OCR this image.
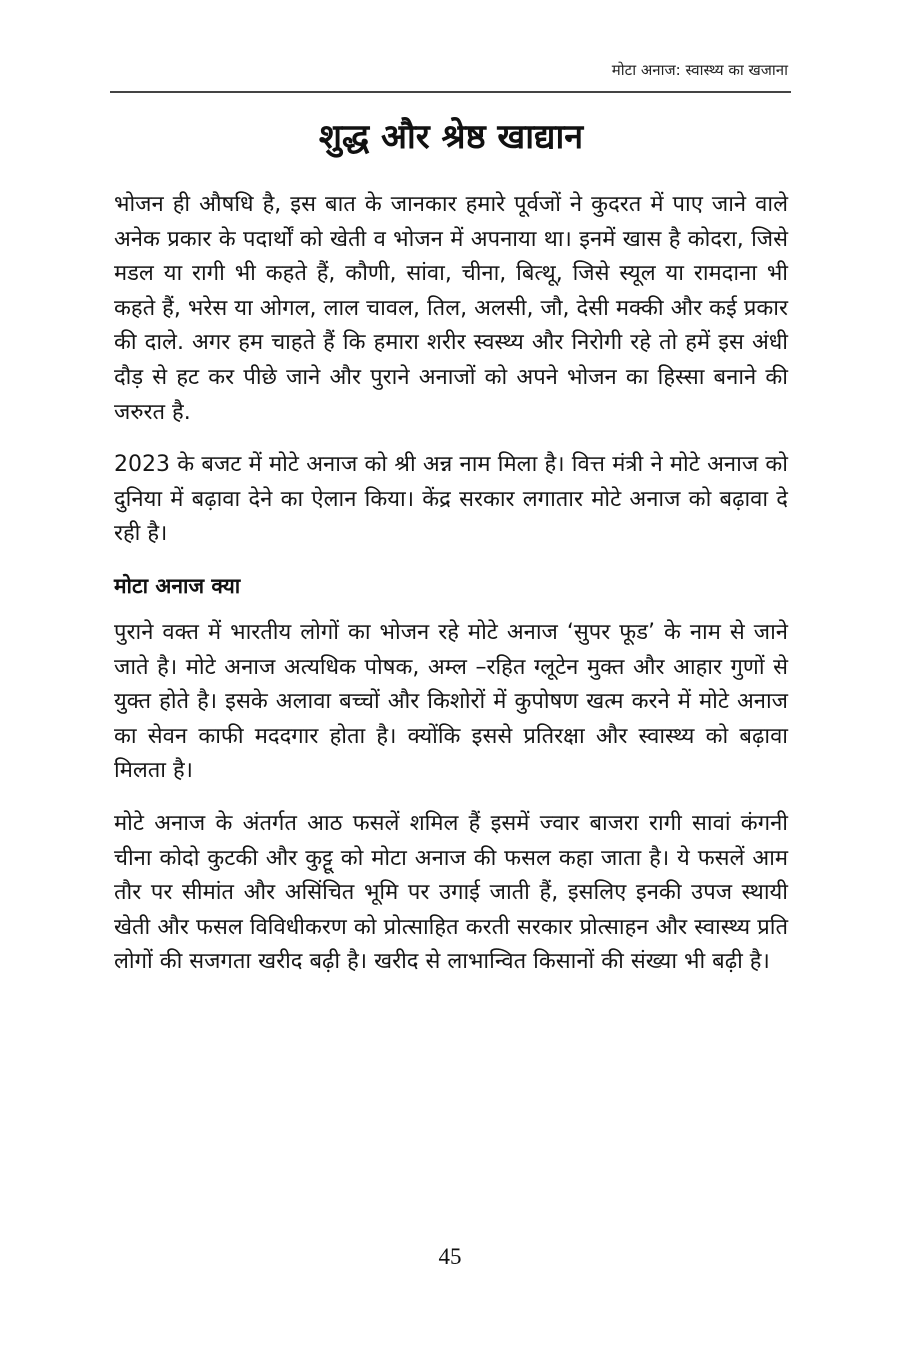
मोटा अनाज: स्वास्थ्य का खजाना
शुद्ध और श्रेष्ठ खाद्यान

भोजन ही औषधि है, इस बात के जानकार हमारे पूर्वजों ने कुदरत में पाए जाने वाले अनेक प्रकार के पदार्थों को खेती व भोजन में अपनाया था। इनमें खास है कोदरा, जिसे मडल या रागी भी कहते हैं, कौणी, सांवा, चीना, बित्थू, जिसे स्यूल या रामदाना भी कहते हैं, भरेस या ओगल, लाल चावल, तिल, अलसी, जौ, देसी मक्की और कई प्रकार की दाले. अगर हम चाहते हैं कि हमारा शरीर स्वस्थ्य और निरोगी रहे तो हमें इस अंधी दौड़ से हट कर पीछे जाने और पुराने अनाजों को अपने भोजन का हिस्सा बनाने की जरुरत है.

2023 के बजट में मोटे अनाज को श्री अन्न नाम मिला है। वित्त मंत्री ने मोटे अनाज को दुनिया में बढ़ावा देने का ऐलान किया। केंद्र सरकार लगातार मोटे अनाज को बढ़ावा दे रही है।

मोटा अनाज क्या

पुराने वक्त में भारतीय लोगों का भोजन रहे मोटे अनाज ‘सुपर फूड’ के नाम से जाने जाते है। मोटे अनाज अत्यधिक पोषक, अम्ल –रहित ग्लूटेन मुक्त और आहार गुणों से युक्त होते है। इसके अलावा बच्चों और किशोरों में कुपोषण खत्म करने में मोटे अनाज का सेवन काफी मददगार होता है। क्योंकि इससे प्रतिरक्षा और स्वास्थ्य को बढ़ावा मिलता है।

मोटे अनाज के अंतर्गत आठ फसलें शमिल हैं इसमें ज्वार बाजरा रागी सावां कंगनी चीना कोदो कुटकी और कुट्टू को मोटा अनाज की फसल कहा जाता है। ये फसलें आम तौर पर सीमांत और असिंचित भूमि पर उगाई जाती हैं, इसलिए इनकी उपज स्थायी खेती और फसल विविधीकरण को प्रोत्साहित करती सरकार प्रोत्साहन और स्वास्थ्य प्रति लोगों की सजगता खरीद बढ़ी है। खरीद से लाभान्वित किसानों की संख्या भी बढ़ी है।

45
